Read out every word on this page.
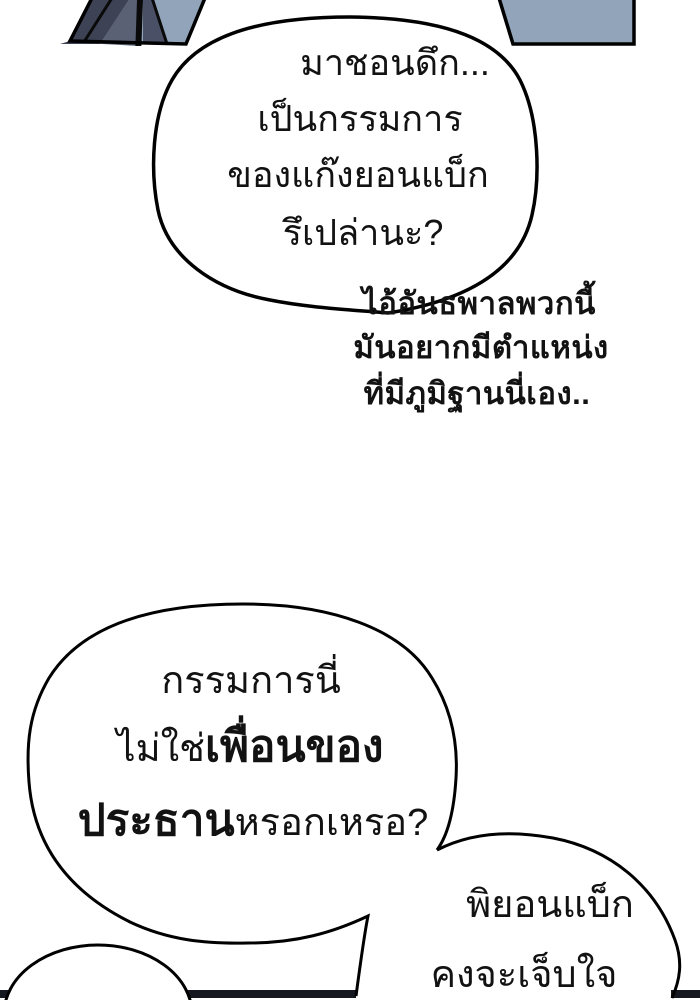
มาชอนดึก...
เป็นกรรมการ
ของแก๊งยอนแบ็ก
รึเปล่านะ?
ไอ้อันธพาลพวกนี้
มันอยากมีตำแหน่ง
ที่มีภูมิฐานนี่เอง..
กรรมการนี่
ไม่ใช่เพื่อนของ
ประธานหรอกเหรอ?
พิยอนแบ็ก
คงจะเจ็บใจ
